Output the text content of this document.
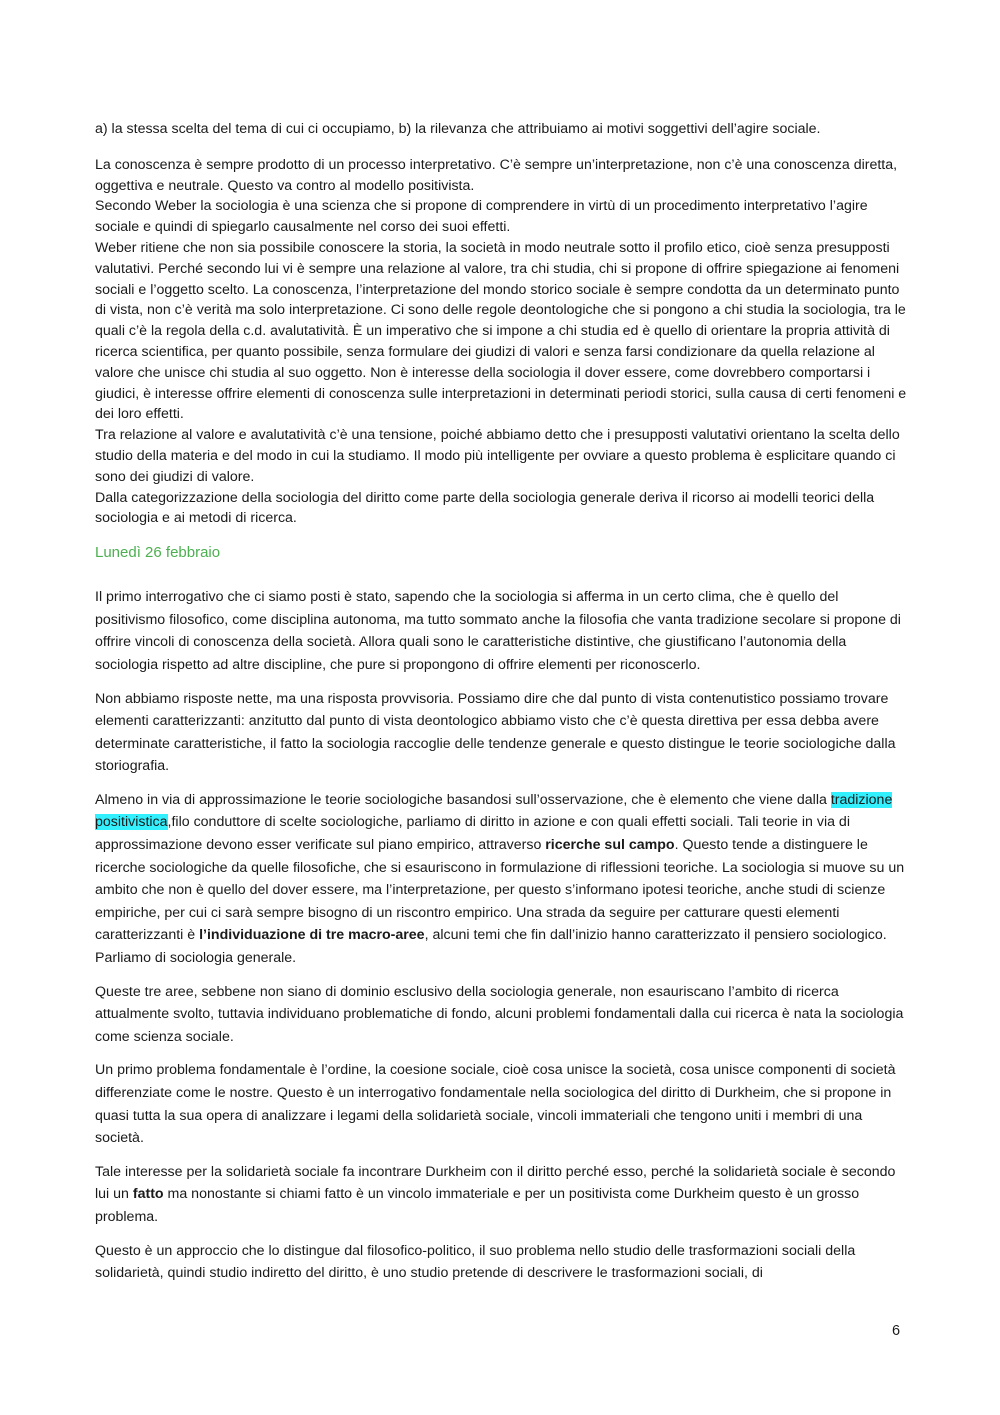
a) la stessa scelta del tema di cui ci occupiamo, b) la rilevanza che attribuiamo ai motivi soggettivi dell’agire sociale.

La conoscenza è sempre prodotto di un processo interpretativo. C’è sempre un’interpretazione, non c’è una conoscenza diretta, oggettiva e neutrale. Questo va contro al modello positivista.

Secondo Weber la sociologia è una scienza che si propone di comprendere in virtù di un procedimento interpretativo l’agire sociale e quindi di spiegarlo causalmente nel corso dei suoi effetti.

Weber ritiene che non sia possibile conoscere la storia, la società in modo neutrale sotto il profilo etico, cioè senza presupposti valutativi. Perché secondo lui vi è sempre una relazione al valore, tra chi studia, chi si propone di offrire spiegazione ai fenomeni sociali e l’oggetto scelto. La conoscenza, l’interpretazione del mondo storico sociale è sempre condotta da un determinato punto di vista, non c’è verità ma solo interpretazione. Ci sono delle regole deontologiche che si pongono a chi studia la sociologia, tra le quali c’è la regola della c.d. avalutatività. È un imperativo che si impone a chi studia ed è quello di orientare la propria attività di ricerca scientifica, per quanto possibile, senza formulare dei giudizi di valori e senza farsi condizionare da quella relazione al valore che unisce chi studia al suo oggetto. Non è interesse della sociologia il dover essere, come dovrebbero comportarsi i giudici, è interesse offrire elementi di conoscenza sulle interpretazioni in determinati periodi storici, sulla causa di certi fenomeni e dei loro effetti.

Tra relazione al valore e avalutatività c’è una tensione, poiché abbiamo detto che i presupposti valutativi orientano la scelta dello studio della materia e del modo in cui la studiamo. Il modo più intelligente per ovviare a questo problema è esplicitare quando ci sono dei giudizi di valore.

Dalla categorizzazione della sociologia del diritto come parte della sociologia generale deriva il ricorso ai modelli teorici della sociologia e ai metodi di ricerca.

Lunedì 26 febbraio

Il primo interrogativo che ci siamo posti è stato, sapendo che la sociologia si afferma in un certo clima, che è quello del positivismo filosofico, come disciplina autonoma, ma tutto sommato anche la filosofia che vanta tradizione secolare si propone di offrire vincoli di conoscenza della società. Allora quali sono le caratteristiche distintive, che giustificano l’autonomia della sociologia rispetto ad altre discipline, che pure si propongono di offrire elementi per riconoscerlo.

Non abbiamo risposte nette, ma una risposta provvisoria. Possiamo dire che dal punto di vista contenutistico possiamo trovare elementi caratterizzanti: anzitutto dal punto di vista deontologico abbiamo visto che c’è questa direttiva per essa debba avere determinate caratteristiche, il fatto la sociologia raccoglie delle tendenze generale e questo distingue le teorie sociologiche dalla storiografia.

Almeno in via di approssimazione le teorie sociologiche basandosi sull’osservazione, che è elemento che viene dalla tradizione positivistica,filo conduttore di scelte sociologiche, parliamo di diritto in azione e con quali effetti sociali. Tali teorie in via di approssimazione devono esser verificate sul piano empirico, attraverso ricerche sul campo. Questo tende a distinguere le ricerche sociologiche da quelle filosofiche, che si esauriscono in formulazione di riflessioni teoriche. La sociologia si muove su un ambito che non è quello del dover essere, ma l’interpretazione, per questo s’informano ipotesi teoriche, anche studi di scienze empiriche, per cui ci sarà sempre bisogno di un riscontro empirico. Una strada da seguire per catturare questi elementi caratterizzanti è l’individuazione di tre macro-aree, alcuni temi che fin dall’inizio hanno caratterizzato il pensiero sociologico. Parliamo di sociologia generale.

Queste tre aree, sebbene non siano di dominio esclusivo della sociologia generale, non esauriscano l’ambito di ricerca attualmente svolto, tuttavia individuano problematiche di fondo, alcuni problemi fondamentali dalla cui ricerca è nata la sociologia come scienza sociale.

Un primo problema fondamentale è l’ordine, la coesione sociale, cioè cosa unisce la società, cosa unisce componenti di società differenziate come le nostre. Questo è un interrogativo fondamentale nella sociologica del diritto di Durkheim, che si propone in quasi tutta la sua opera di analizzare i legami della solidarietà sociale, vincoli immateriali che tengono uniti i membri di una società.

Tale interesse per la solidarietà sociale fa incontrare Durkheim con il diritto perché esso, perché la solidarietà sociale è secondo lui un fatto ma nonostante si chiami fatto è un vincolo immateriale e per un positivista come Durkheim questo è un grosso problema.

Questo è un approccio che lo distingue dal filosofico-politico, il suo problema nello studio delle trasformazioni sociali della solidarietà, quindi studio indiretto del diritto, è uno studio pretende di descrivere le trasformazioni sociali, di

6
